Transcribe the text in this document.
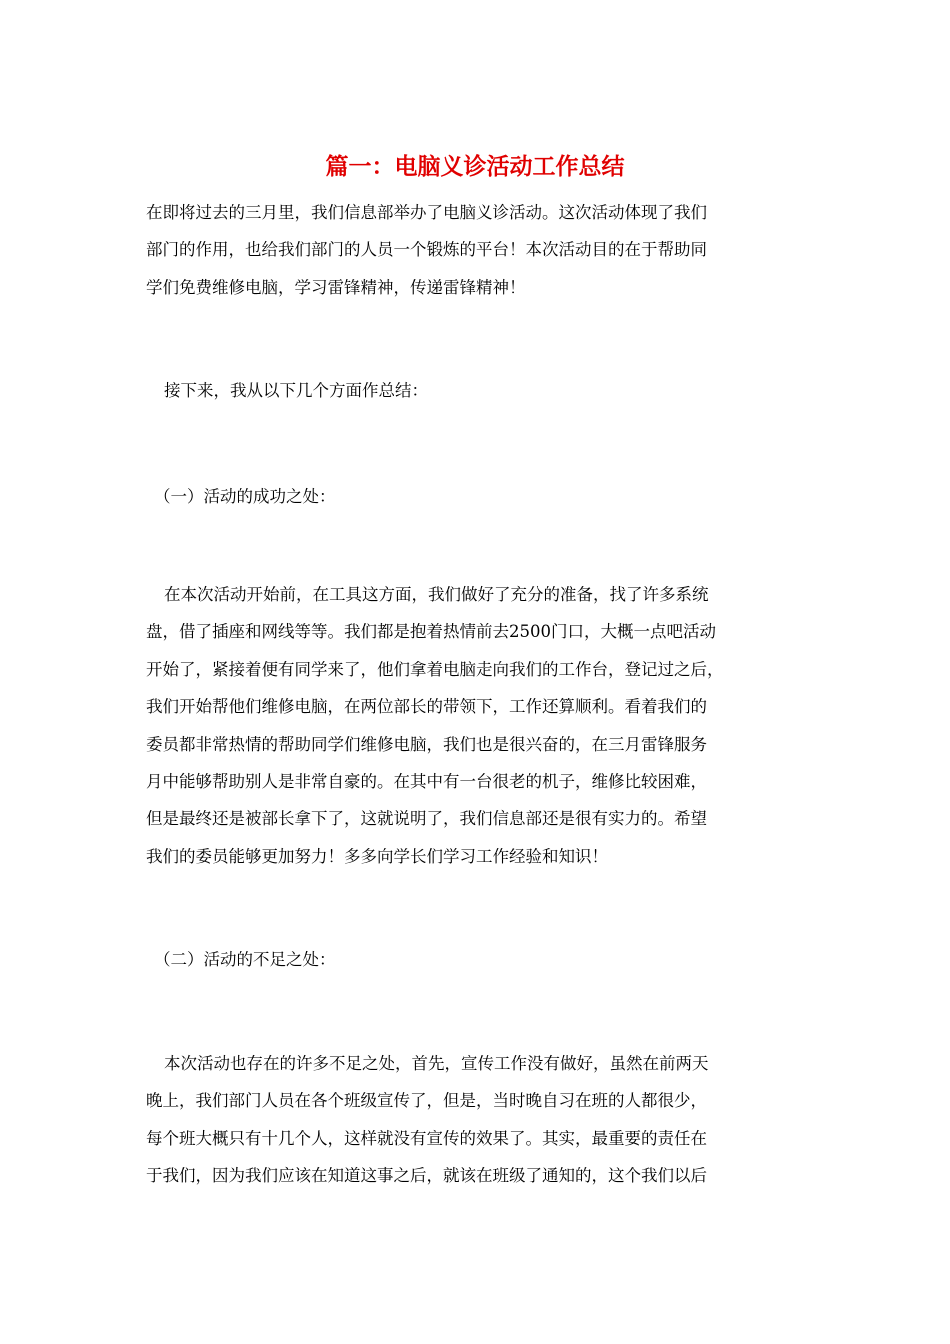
篇一：电脑义诊活动工作总结
在即将过去的三月里，我们信息部举办了电脑义诊活动。这次活动体现了我们
部门的作用，也给我们部门的人员一个锻炼的平台！本次活动目的在于帮助同
学们免费维修电脑，学习雷锋精神，传递雷锋精神！
接下来，我从以下几个方面作总结：
（一）活动的成功之处：
在本次活动开始前，在工具这方面，我们做好了充分的准备，找了许多系统
盘，借了插座和网线等等。我们都是抱着热情前去2500门口，大概一点吧活动
开始了，紧接着便有同学来了，他们拿着电脑走向我们的工作台，登记过之后，
我们开始帮他们维修电脑，在两位部长的带领下，工作还算顺利。看着我们的
委员都非常热情的帮助同学们维修电脑，我们也是很兴奋的，在三月雷锋服务
月中能够帮助别人是非常自豪的。在其中有一台很老的机子，维修比较困难，
但是最终还是被部长拿下了，这就说明了，我们信息部还是很有实力的。希望
我们的委员能够更加努力！多多向学长们学习工作经验和知识！
（二）活动的不足之处：
本次活动也存在的许多不足之处，首先，宣传工作没有做好，虽然在前两天
晚上，我们部门人员在各个班级宣传了，但是，当时晚自习在班的人都很少，
每个班大概只有十几个人，这样就没有宣传的效果了。其实，最重要的责任在
于我们，因为我们应该在知道这事之后，就该在班级了通知的，这个我们以后
